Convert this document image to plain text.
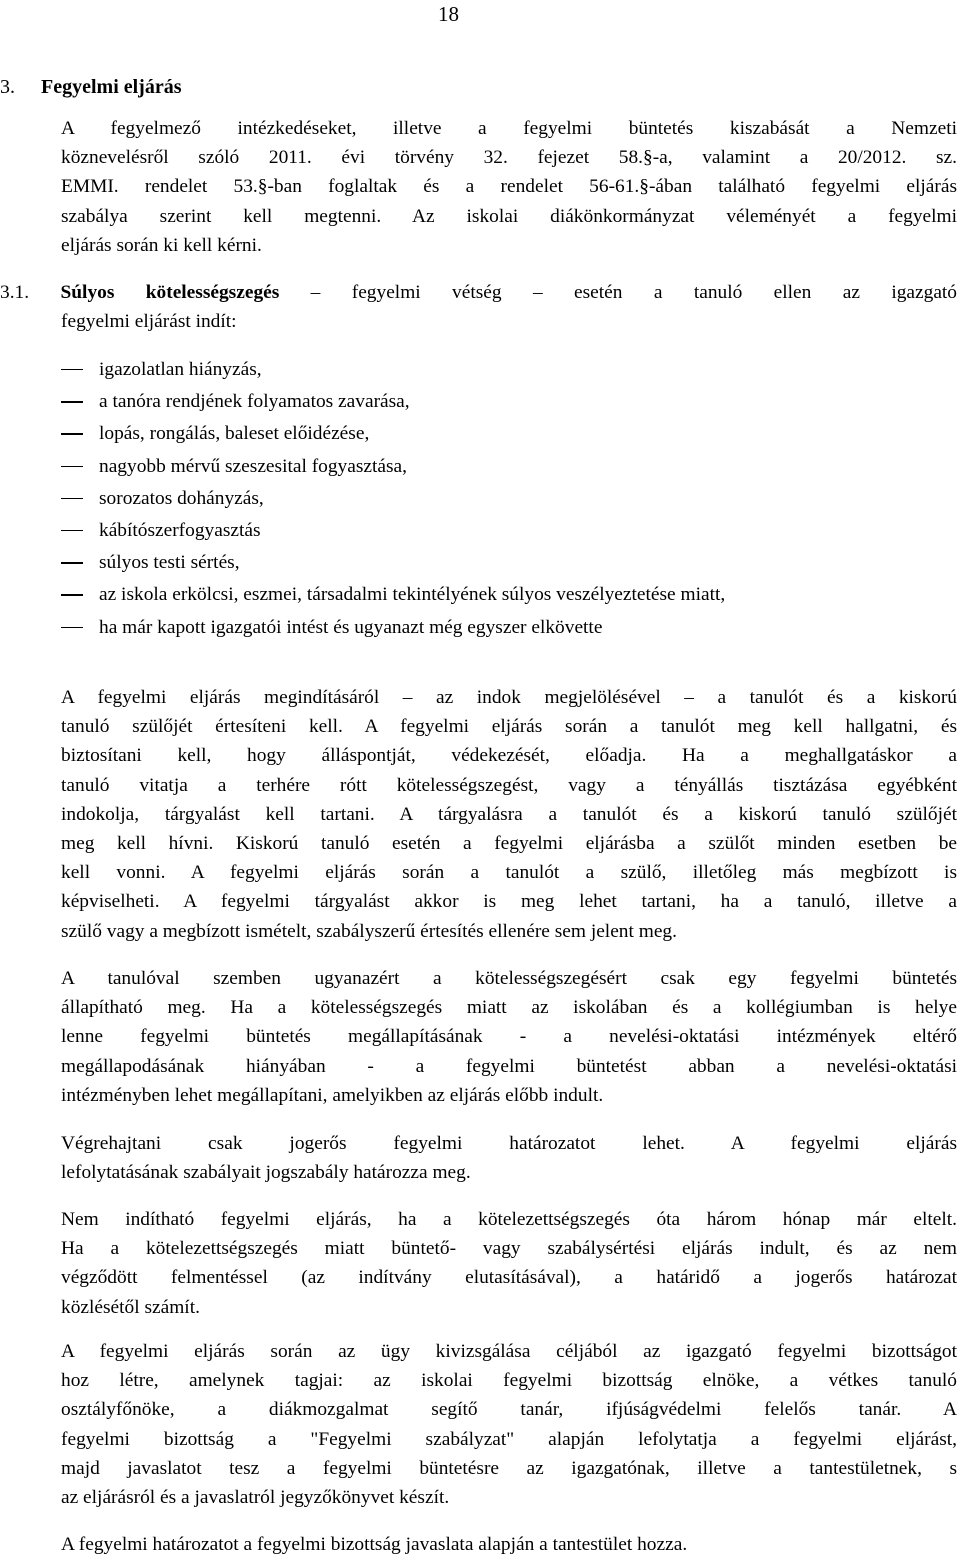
18
3. Fegyelmi eljárás
A fegyelmező intézkedéseket, illetve a fegyelmi büntetés kiszabását a Nemzeti
köznevelésről szóló 2011. évi törvény 32. fejezet 58.§-a, valamint a 20/2012. sz.
EMMI. rendelet 53.§-ban foglaltak és a rendelet 56-61.§-ában található fegyelmi eljárás
szabálya szerint kell megtenni. Az iskolai diákönkormányzat véleményét a fegyelmi
eljárás során ki kell kérni.
3.1. Súlyos kötelességszegés – fegyelmi vétség – esetén a tanuló ellen az igazgató
fegyelmi eljárást indít:
igazolatlan hiányzás,
a tanóra rendjének folyamatos zavarása,
lopás, rongálás, baleset előidézése,
nagyobb mérvű szeszesital fogyasztása,
sorozatos dohányzás,
kábítószerfogyasztás
súlyos testi sértés,
az iskola erkölcsi, eszmei, társadalmi tekintélyének súlyos veszélyeztetése miatt,
ha már kapott igazgatói intést és ugyanazt még egyszer elkövette
A fegyelmi eljárás megindításáról – az indok megjelölésével – a tanulót és a kiskorú
tanuló szülőjét értesíteni kell. A fegyelmi eljárás során a tanulót meg kell hallgatni, és
biztosítani kell, hogy álláspontját, védekezését, előadja. Ha a meghallgatáskor a
tanuló vitatja a terhére rótt kötelességszegést, vagy a tényállás tisztázása egyébként
indokolja, tárgyalást kell tartani. A tárgyalásra a tanulót és a kiskorú tanuló szülőjét
meg kell hívni. Kiskorú tanuló esetén a fegyelmi eljárásba a szülőt minden esetben be
kell vonni. A fegyelmi eljárás során a tanulót a szülő, illetőleg más megbízott is
képviselheti. A fegyelmi tárgyalást akkor is meg lehet tartani, ha a tanuló, illetve a
szülő vagy a megbízott ismételt, szabályszerű értesítés ellenére sem jelent meg.
A tanulóval szemben ugyanazért a kötelességszegésért csak egy fegyelmi büntetés
állapítható meg. Ha a kötelességszegés miatt az iskolában és a kollégiumban is helye
lenne fegyelmi büntetés megállapításának - a nevelési-oktatási intézmények eltérő
megállapodásának hiányában - a fegyelmi büntetést abban a nevelési-oktatási
intézményben lehet megállapítani, amelyikben az eljárás előbb indult.
Végrehajtani csak jogerős fegyelmi határozatot lehet. A fegyelmi eljárás
lefolytatásának szabályait jogszabály határozza meg.
Nem indítható fegyelmi eljárás, ha a kötelezettségszegés óta három hónap már eltelt.
Ha a kötelezettségszegés miatt büntető- vagy szabálysértési eljárás indult, és az nem
végződött felmentéssel (az indítvány elutasításával), a határidő a jogerős határozat
közlésétől számít.
A fegyelmi eljárás során az ügy kivizsgálása céljából az igazgató fegyelmi bizottságot
hoz létre, amelynek tagjai: az iskolai fegyelmi bizottság elnöke, a vétkes tanuló
osztályfőnöke, a diákmozgalmat segítő tanár, ifjúságvédelmi felelős tanár. A
fegyelmi bizottság a "Fegyelmi szabályzat" alapján lefolytatja a fegyelmi eljárást,
majd javaslatot tesz a fegyelmi büntetésre az igazgatónak, illetve a tantestületnek, s
az eljárásról és a javaslatról jegyzőkönyvet készít.
A fegyelmi határozatot a fegyelmi bizottság javaslata alapján a tantestület hozza.
